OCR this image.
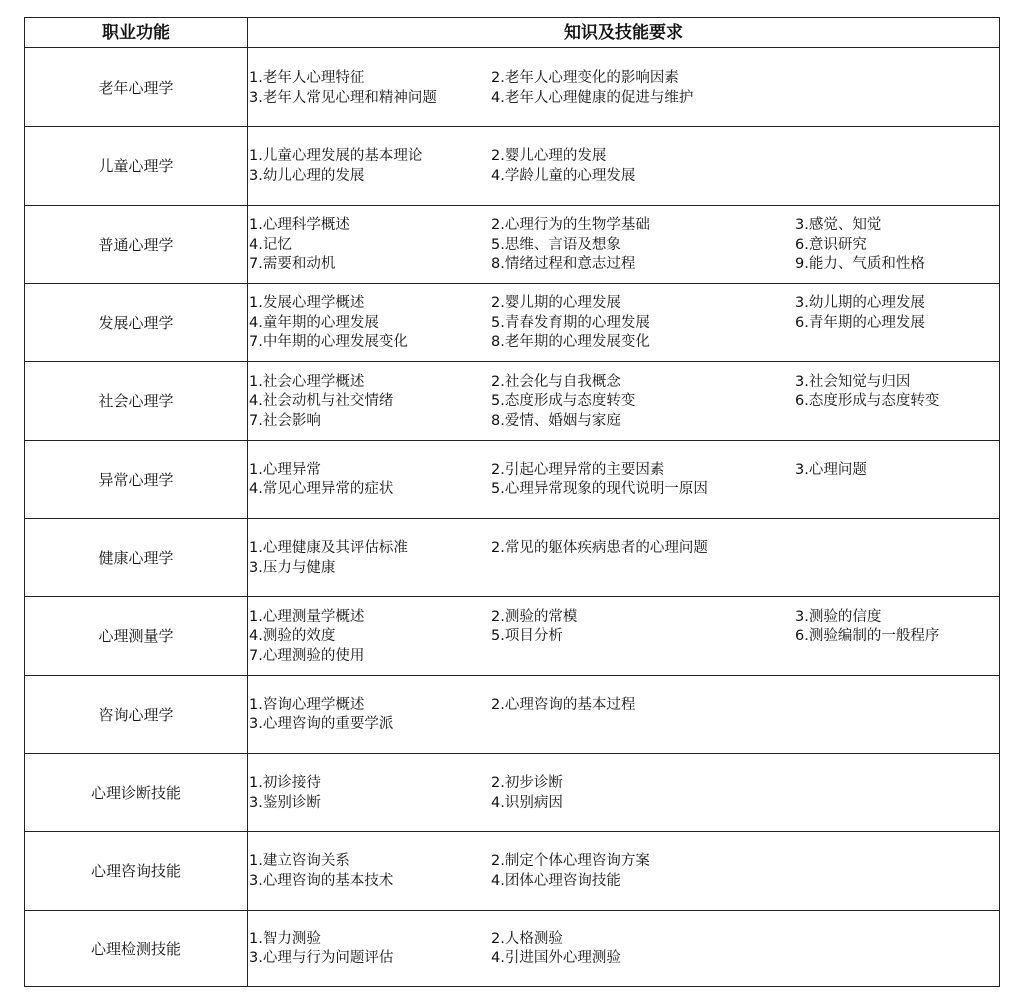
职业功能	知识及技能要求
老年心理学
1.老年人心理特征	2.老年人心理变化的影响因素
3.老年人常见心理和精神问题	4.老年人心理健康的促进与维护
儿童心理学
1.儿童心理发展的基本理论	2.婴儿心理的发展
3.幼儿心理的发展	4.学龄儿童的心理发展
普通心理学
1.心理科学概述	2.心理行为的生物学基础	3.感觉、知觉
4.记忆	5.思维、言语及想象	6.意识研究
7.需要和动机	8.情绪过程和意志过程	9.能力、气质和性格
发展心理学
1.发展心理学概述	2.婴儿期的心理发展	3.幼儿期的心理发展
4.童年期的心理发展	5.青春发育期的心理发展	6.青年期的心理发展
7.中年期的心理发展变化	8.老年期的心理发展变化
社会心理学
1.社会心理学概述	2.社会化与自我概念	3.社会知觉与归因
4.社会动机与社交情绪	5.态度形成与态度转变	6.态度形成与态度转变
7.社会影响	8.爱情、婚姻与家庭
异常心理学
1.心理异常	2.引起心理异常的主要因素	3.心理问题
4.常见心理异常的症状	5.心理异常现象的现代说明一原因
健康心理学
1.心理健康及其评估标准	2.常见的躯体疾病患者的心理问题
3.压力与健康
心理测量学
1.心理测量学概述	2.测验的常模	3.测验的信度
4.测验的效度	5.项目分析	6.测验编制的一般程序
7.心理测验的使用
咨询心理学
1.咨询心理学概述	2.心理咨询的基本过程
3.心理咨询的重要学派
心理诊断技能
1.初诊接待	2.初步诊断
3.鉴别诊断	4.识别病因
心理咨询技能
1.建立咨询关系	2.制定个体心理咨询方案
3.心理咨询的基本技术	4.团体心理咨询技能
心理检测技能
1.智力测验	2.人格测验
3.心理与行为问题评估	4.引进国外心理测验
